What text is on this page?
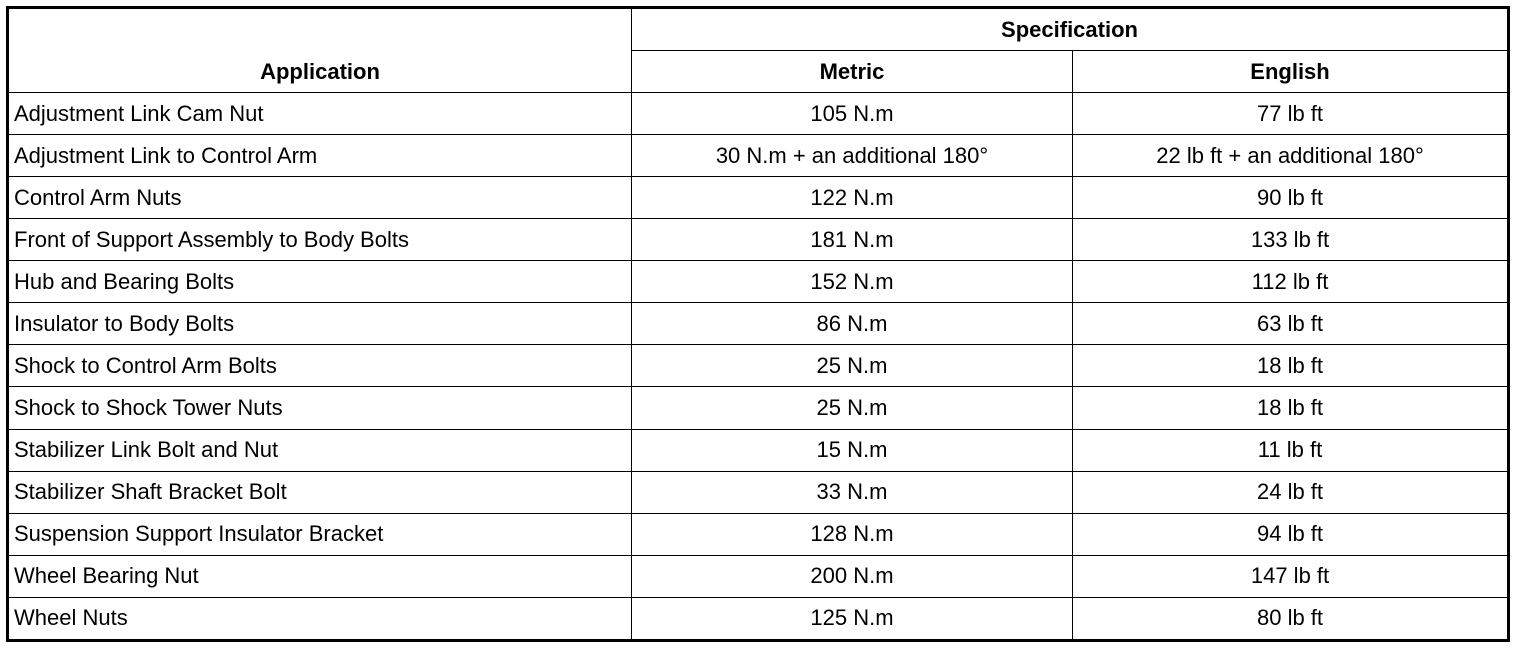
Application	Specification	
	Metric	English
Adjustment Link Cam Nut	105 N.m	77 lb ft
Adjustment Link to Control Arm	30 N.m + an additional 180°	22 lb ft + an additional 180°
Control Arm Nuts	122 N.m	90 lb ft
Front of Support Assembly to Body Bolts	181 N.m	133 lb ft
Hub and Bearing Bolts	152 N.m	112 lb ft
Insulator to Body Bolts	86 N.m	63 lb ft
Shock to Control Arm Bolts	25 N.m	18 lb ft
Shock to Shock Tower Nuts	25 N.m	18 lb ft
Stabilizer Link Bolt and Nut	15 N.m	11 lb ft
Stabilizer Shaft Bracket Bolt	33 N.m	24 lb ft
Suspension Support Insulator Bracket	128 N.m	94 lb ft
Wheel Bearing Nut	200 N.m	147 lb ft
Wheel Nuts	125 N.m	80 lb ft
